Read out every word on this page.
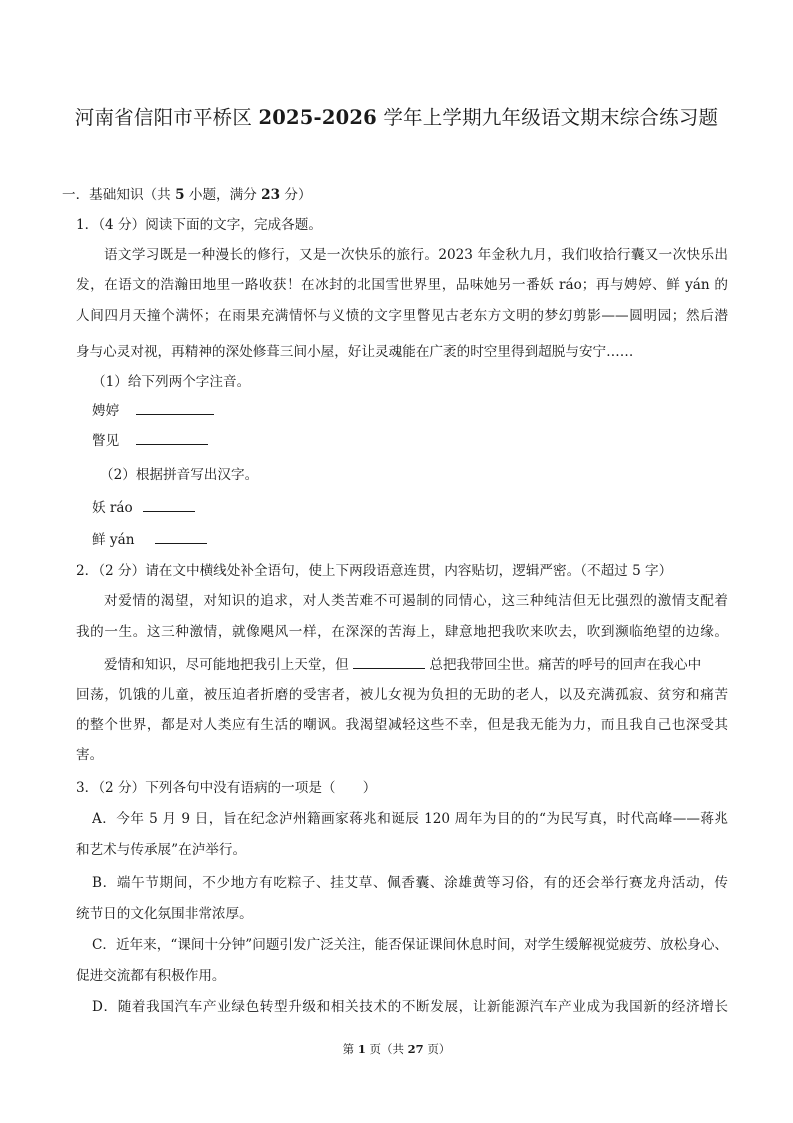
河南省信阳市平桥区 2025-2026 学年上学期九年级语文期末综合练习题
一．基础知识（共 5 小题，满分 23 分）
1．（4 分）阅读下面的文字，完成各题。
语文学习既是一种漫长的修行，又是一次快乐的旅行。2023 年金秋九月，我们收拾行囊又一次快乐出
发，在语文的浩瀚田地里一路收获！在冰封的北国雪世界里，品味她另一番妖 ráo；再与娉婷、鲜 yán 的
人间四月天撞个满怀；在雨果充满情怀与义愤的文字里瞥见古老东方文明的梦幻剪影——圆明园；然后潜
身与心灵对视，再精神的深处修葺三间小屋，好让灵魂能在广袤的时空里得到超脱与安宁……
（1）给下列两个字注音。
娉婷
瞥见
（2）根据拼音写出汉字。
妖 ráo
鲜 yán
2．（2 分）请在文中横线处补全语句，使上下两段语意连贯，内容贴切，逻辑严密。（不超过 5 字）
对爱情的渴望，对知识的追求，对人类苦难不可遏制的同情心，这三种纯洁但无比强烈的激情支配着
我的一生。这三种激情，就像飓风一样，在深深的苦海上，肆意地把我吹来吹去，吹到濒临绝望的边缘。
爱情和知识，尽可能地把我引上天堂，但	总把我带回尘世。痛苦的呼号的回声在我心中
回荡，饥饿的儿童，被压迫者折磨的受害者，被儿女视为负担的无助的老人，以及充满孤寂、贫穷和痛苦
的整个世界，都是对人类应有生活的嘲讽。我渴望减轻这些不幸，但是我无能为力，而且我自己也深受其
害。
3．（2 分）下列各句中没有语病的一项是（　　）
A．今年 5 月 9 日，旨在纪念泸州籍画家蒋兆和诞辰 120 周年为目的的“为民写真，时代高峰——蒋兆
和艺术与传承展”在泸举行。
B．端午节期间，不少地方有吃粽子、挂艾草、佩香囊、涂雄黄等习俗，有的还会举行赛龙舟活动，传
统节日的文化氛围非常浓厚。
C．近年来，“课间十分钟”问题引发广泛关注，能否保证课间休息时间，对学生缓解视觉疲劳、放松身心、
促进交流都有积极作用。
D．随着我国汽车产业绿色转型升级和相关技术的不断发展，让新能源汽车产业成为我国新的经济增长
第 1 页（共 27 页）
